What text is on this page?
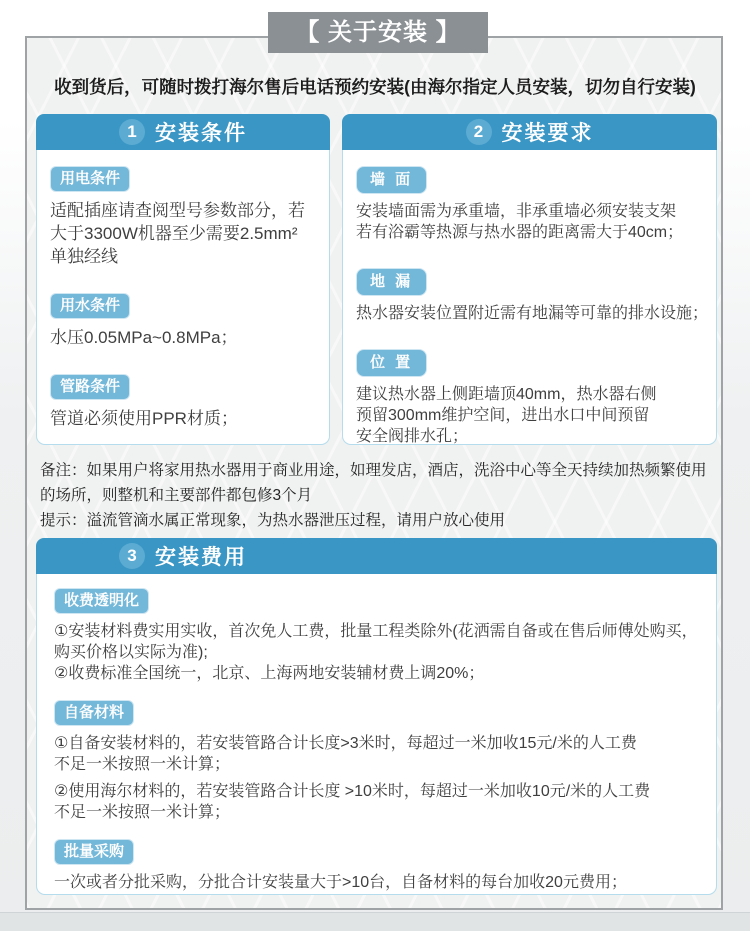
【 关于安装 】
收到货后，可随时拨打海尔售后电话预约安装(由海尔指定人员安装，切勿自行安装)
1 安装条件
用电条件
适配插座请查阅型号参数部分，若
大于3300W机器至少需要2.5mm²
单独经线
用水条件
水压0.05MPa~0.8MPa；
管路条件
管道必须使用PPR材质；
2 安装要求
墙 面
安装墙面需为承重墙，非承重墙必须安装支架
若有浴霸等热源与热水器的距离需大于40cm；
地 漏
热水器安装位置附近需有地漏等可靠的排水设施；
位 置
建议热水器上侧距墙顶40mm，热水器右侧
预留300mm维护空间，进出水口中间预留
安全阀排水孔；
备注：如果用户将家用热水器用于商业用途，如理发店，酒店，洗浴中心等全天持续加热频繁使用
的场所，则整机和主要部件都包修3个月
提示：溢流管滴水属正常现象，为热水器泄压过程，请用户放心使用
3 安装费用
收费透明化
①安装材料费实用实收，首次免人工费，批量工程类除外(花洒需自备或在售后师傅处购买，
购买价格以实际为准);
②收费标准全国统一，北京、上海两地安装辅材费上调20%；
自备材料
①自备安装材料的，若安装管路合计长度>3米时，每超过一米加收15元/米的人工费
不足一米按照一米计算；
②使用海尔材料的，若安装管路合计长度 >10米时，每超过一米加收10元/米的人工费
不足一米按照一米计算；
批量采购
一次或者分批采购，分批合计安装量大于>10台，自备材料的每台加收20元费用；
